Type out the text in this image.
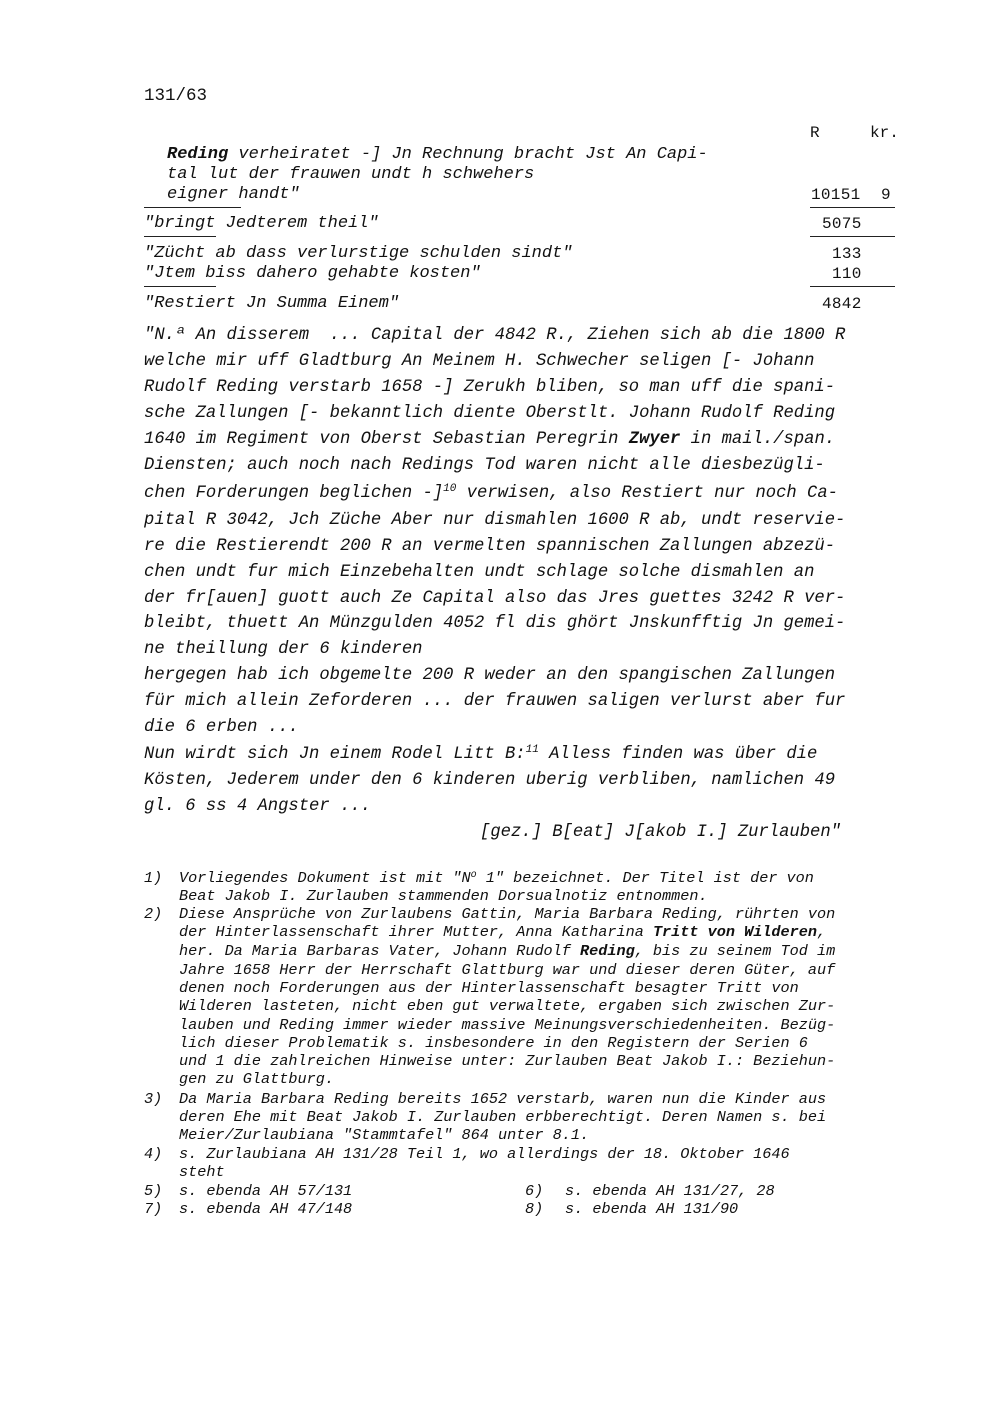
131/63
R	kr.
Reding verheiratet -] Jn Rechnung bracht Jst An Capi-
tal lut der frauwen undt h schwehers
eigner handt"	10151 9
"bringt Jedterem theil"	5075
"Zücht ab dass verlurstige schulden sindt"	133
"Jtem biss dahero gehabte kosten"	110
"Restiert Jn Summa Einem"	4842
"N.ª An disserem  ... Capital der 4842 R., Ziehen sich ab die 1800 R
welche mir uff Gladtburg An Meinem H. Schwecher seligen [- Johann
Rudolf Reding verstarb 1658 -] Zerukh bliben, so man uff die spani-
sche Zallungen [- bekanntlich diente Oberstlt. Johann Rudolf Reding
1640 im Regiment von Oberst Sebastian Peregrin Zwyer in mail./span.
Diensten; auch noch nach Redings Tod waren nicht alle diesbezügli-
chen Forderungen beglichen -]$^{10}$ verwisen, also Restiert nur noch Ca-
pital R 3042, Jch Züche Aber nur dismahlen 1600 R ab, undt reservie-
re die Restierendt 200 R an vermelten spannischen Zallungen abzezü-
chen undt fur mich Einzebehalten undt schlage solche dismahlen an
der fr[auen] guott auch Ze Capital also das Jres guettes 3242 R ver-
bleibt, thuett An Münzgulden 4052 fl dis ghört Jnskunfftig Jn gemei-
ne theillung der 6 kinderen
hergegen hab ich obgemelte 200 R weder an den spangischen Zallungen
für mich allein Zeforderen ... der frauwen saligen verlurst aber fur
die 6 erben ...
Nun wirdt sich Jn einem Rodel Litt B:$^{11}$ Alless finden was über die
Kösten, Jederem under den 6 kinderen uberig verbliben, namlichen 49
gl. 6 ss 4 Angster ...
[gez.] B[eat] J[akob I.] Zurlauben"
1) Vorliegendes Dokument ist mit "$N^o$ 1" bezeichnet. Der Titel ist der von
Beat Jakob I. Zurlauben stammenden Dorsualnotiz entnommen.
2) Diese Ansprüche von Zurlaubens Gattin, Maria Barbara Reding, rührten von
der Hinterlassenschaft ihrer Mutter, Anna Katharina Tritt von Wilderen,
her. Da Maria Barbaras Vater, Johann Rudolf Reding, bis zu seinem Tod im
Jahre 1658 Herr der Herrschaft Glattburg war und dieser deren Güter, auf
denen noch Forderungen aus der Hinterlassenschaft besagter Tritt von
Wilderen lasteten, nicht eben gut verwaltete, ergaben sich zwischen Zur-
lauben und Reding immer wieder massive Meinungsverschiedenheiten. Bezüg-
lich dieser Problematik s. insbesondere in den Registern der Serien 6
und 1 die zahlreichen Hinweise unter: Zurlauben Beat Jakob I.: Beziehun-
gen zu Glattburg.
3) Da Maria Barbara Reding bereits 1652 verstarb, waren nun die Kinder aus
deren Ehe mit Beat Jakob I. Zurlauben erbberechtigt. Deren Namen s. bei
Meier/Zurlaubiana "Stammtafel" 864 unter 8.1.
4) s. Zurlaubiana AH 131/28 Teil 1, wo allerdings der 18. Oktober 1646
steht
5) s. ebenda AH 57/131	6) s. ebenda AH 131/27, 28
7) s. ebenda AH 47/148	8) s. ebenda AH 131/90
